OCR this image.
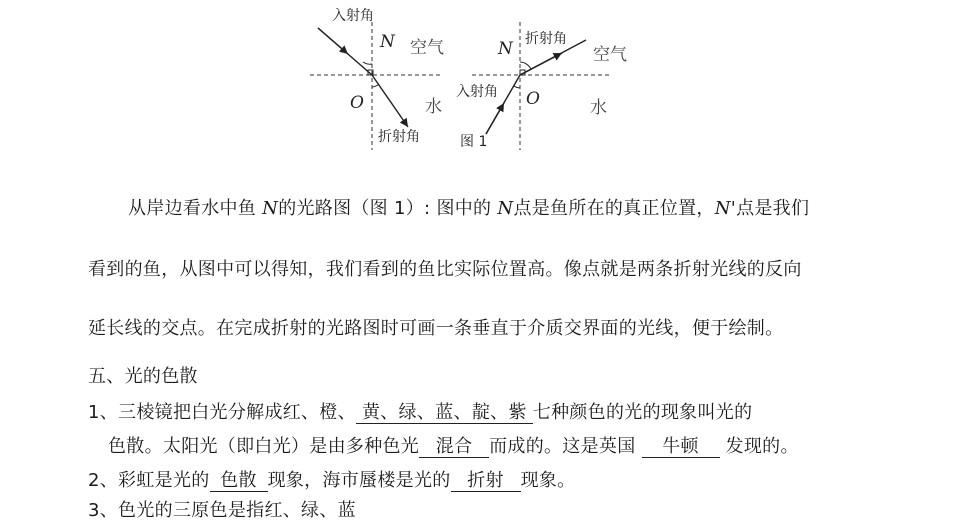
入射角
N 空气
O	水
折射角
N 折射角
空气
入射角 O	水
图 1
从岸边看水中鱼 N的光路图（图 1）: 图中的 N点是鱼所在的真正位置，N'点是我们
看到的鱼，从图中可以得知，我们看到的鱼比实际位置高。像点就是两条折射光线的反向
延长线的交点。在完成折射的光路图时可画一条垂直于介质交界面的光线，便于绘制。
五、光的色散
1、三棱镜把白光分解成红、橙、 黄、绿、蓝、靛、紫 七种颜色的光的现象叫光的
色散。太阳光（即白光）是由多种色光 混合 而成的。这是英国 牛顿 发现的。
2、彩虹是光的 色散 现象，海市蜃楼是光的 折射 现象。
3、色光的三原色是指红、绿、蓝
